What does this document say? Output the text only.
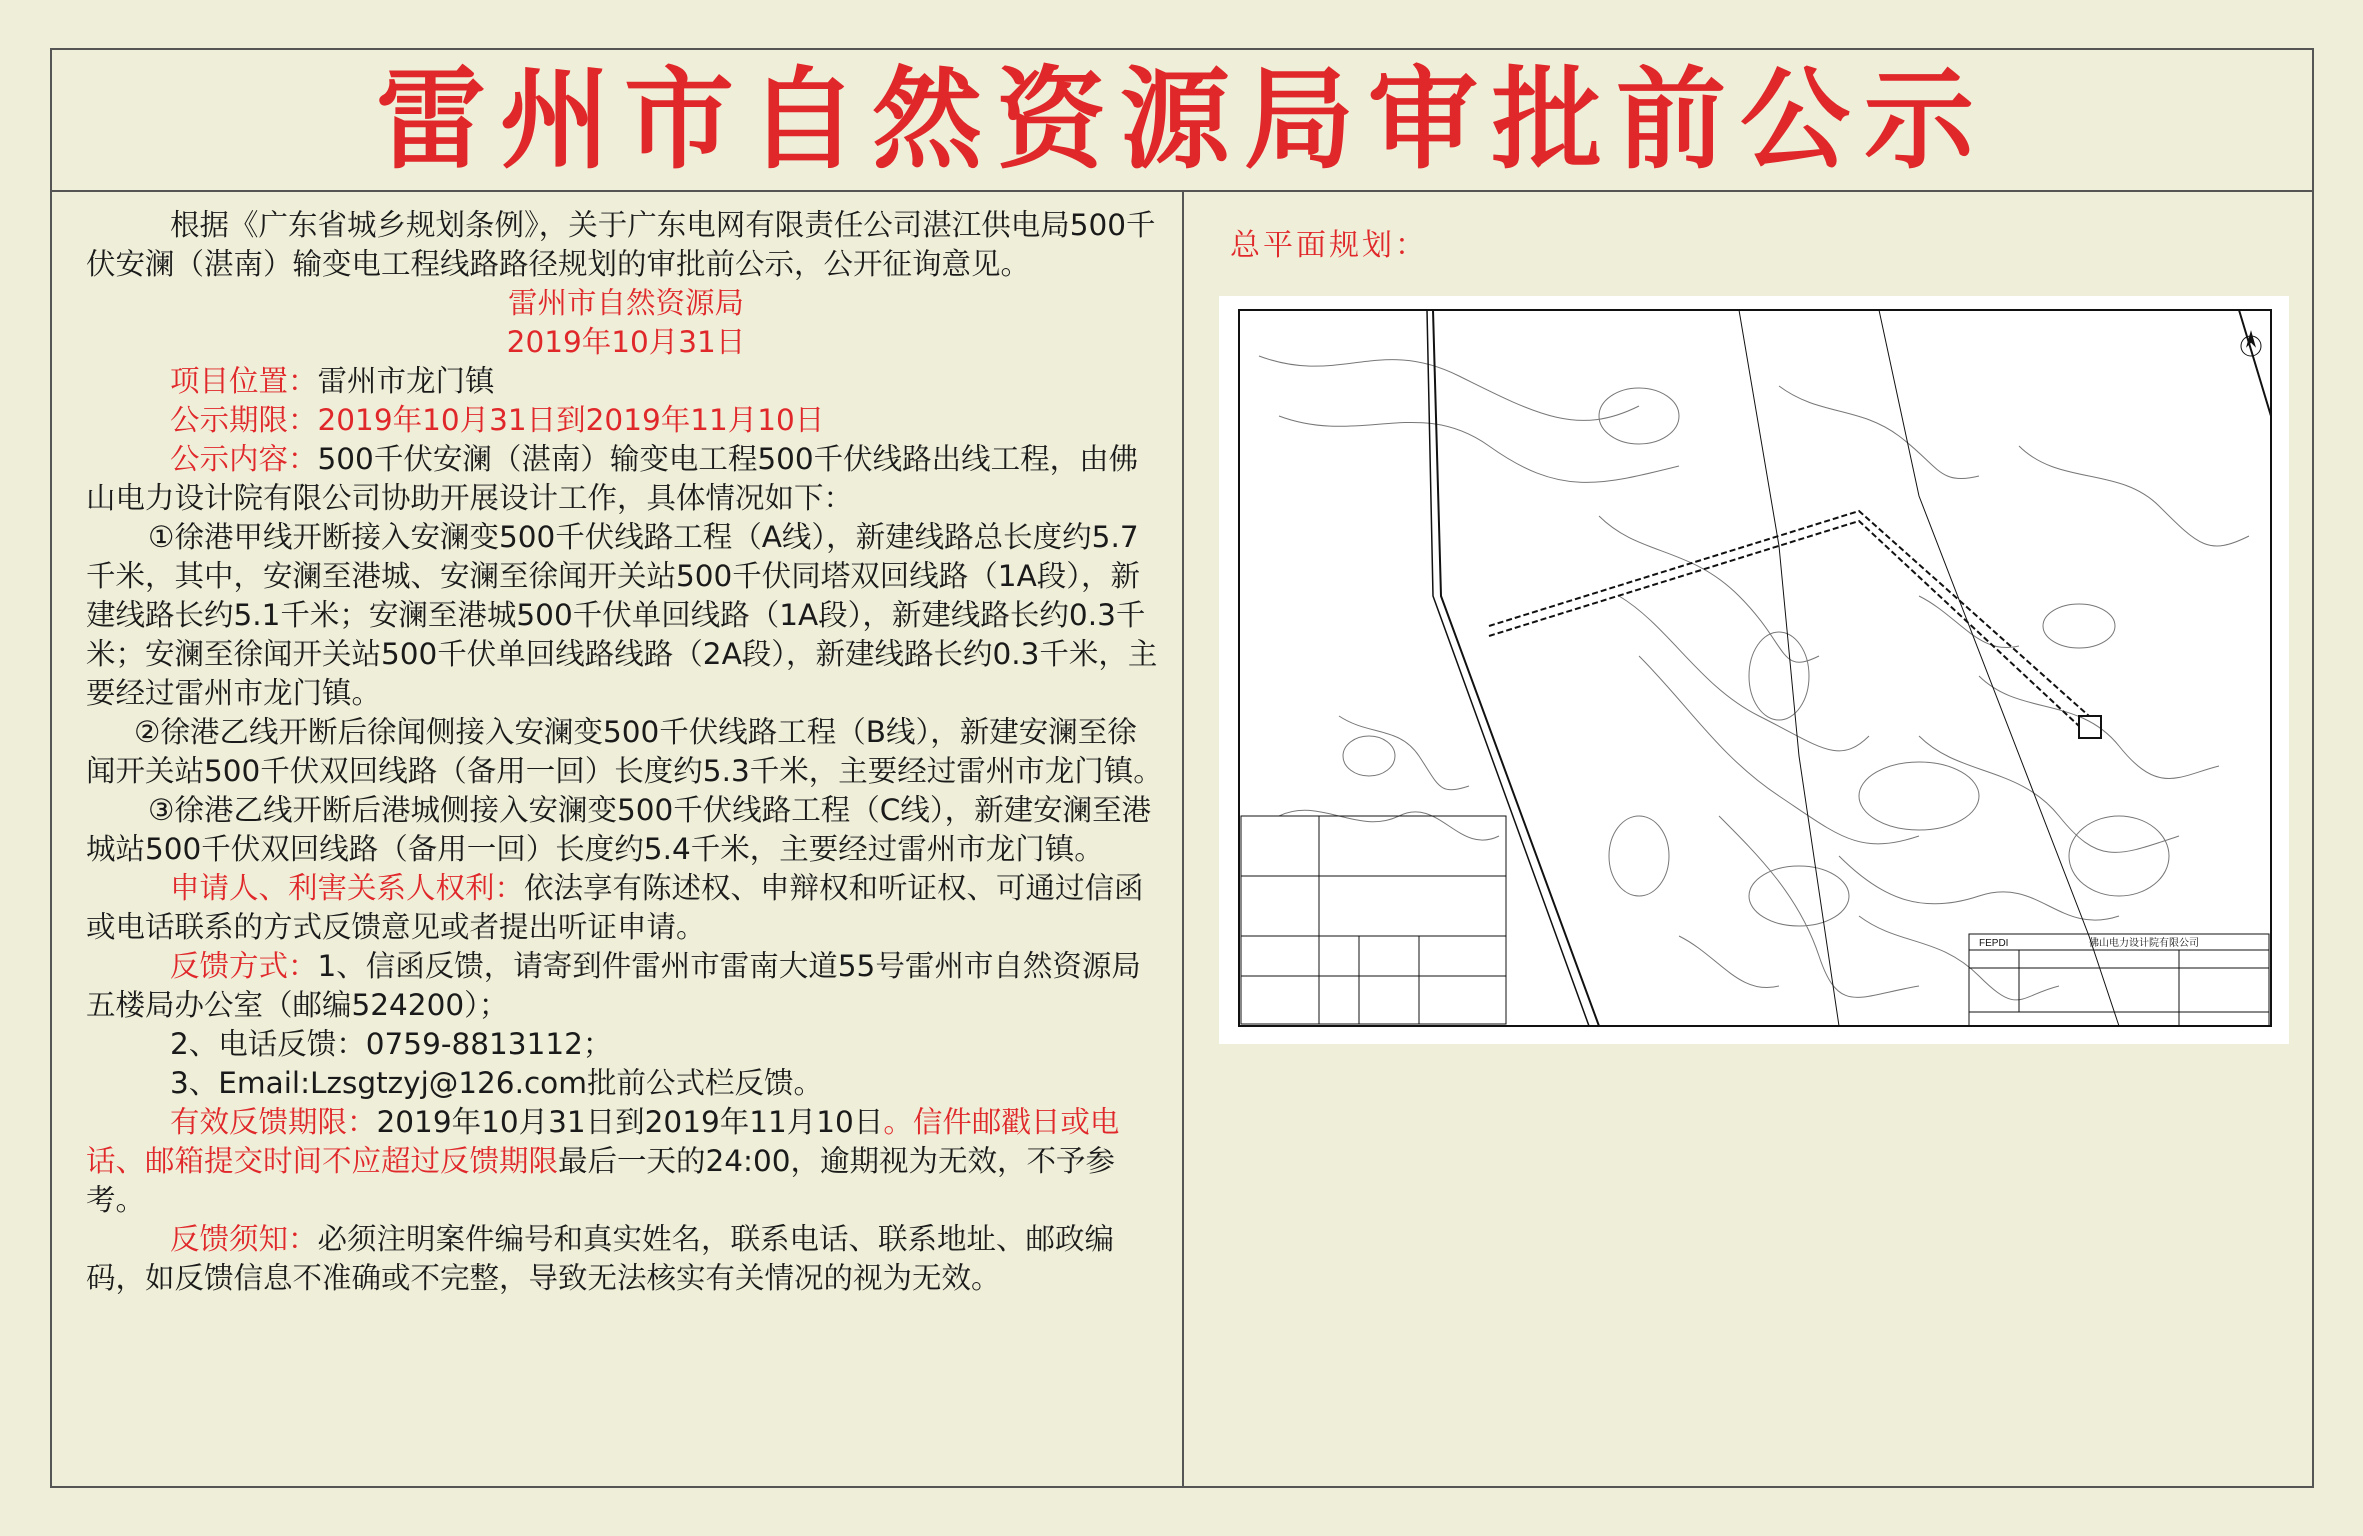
雷州市自然资源局审批前公示

根据《广东省城乡规划条例》，关于广东电网有限责任公司湛江供电局500千伏安澜（湛南）输变电工程线路路径规划的审批前公示，公开征询意见。

雷州市自然资源局

2019年10月31日

项目位置：雷州市龙门镇

公示期限：2019年10月31日到2019年11月10日

公示内容：500千伏安澜（湛南）输变电工程500千伏线路出线工程，由佛山电力设计院有限公司协助开展设计工作，具体情况如下：

①徐港甲线开断接入安澜变500千伏线路工程（A线），新建线路总长度约5.7千米，其中，安澜至港城、安澜至徐闻开关站500千伏同塔双回线路（1A段），新建线路长约5.1千米；安澜至港城500千伏单回线路（1A段），新建线路长约0.3千米；安澜至徐闻开关站500千伏单回线路线路（2A段），新建线路长约0.3千米，主要经过雷州市龙门镇。

②徐港乙线开断后徐闻侧接入安澜变500千伏线路工程（B线），新建安澜至徐闻开关站500千伏双回线路（备用一回）长度约5.3千米，主要经过雷州市龙门镇。

③徐港乙线开断后港城侧接入安澜变500千伏线路工程（C线），新建安澜至港城站500千伏双回线路（备用一回）长度约5.4千米，主要经过雷州市龙门镇。

申请人、利害关系人权利：依法享有陈述权、申辩权和听证权、可通过信函或电话联系的方式反馈意见或者提出听证申请。

反馈方式：1、信函反馈，请寄到件雷州市雷南大道55号雷州市自然资源局五楼局办公室（邮编524200）；

2、电话反馈：0759-8813112；

3、Email:Lzsgtzyj@126.com批前公式栏反馈。

有效反馈期限：2019年10月31日到2019年11月10日。信件邮戳日或电话、邮箱提交时间不应超过反馈期限最后一天的24:00，逾期视为无效，不予参考。

反馈须知：必须注明案件编号和真实姓名，联系电话、联系地址、邮政编码，如反馈信息不准确或不完整，导致无法核实有关情况的视为无效。

总平面规划：
FEPDI	佛山电力设计院有限公司
